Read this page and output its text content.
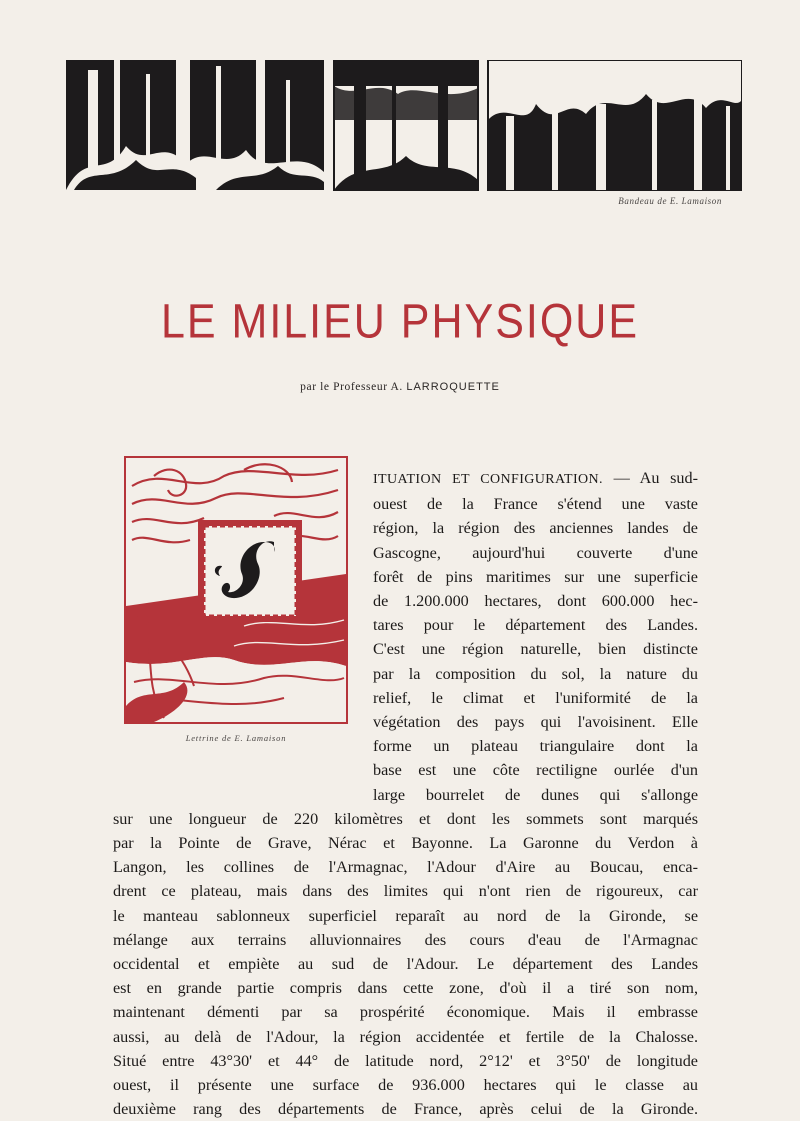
Bandeau de E. Lamaison
LE MILIEU PHYSIQUE
par le Professeur A. LARROQUETTE
Lettrine de E. Lamaison
ITUATION ET CONFIGURATION. — Au sud-
ouest de la France s'étend une vaste
région, la région des anciennes landes de
Gascogne, aujourd'hui couverte d'une
forêt de pins maritimes sur une superficie
de 1.200.000 hectares, dont 600.000 hec-
tares pour le département des Landes.
C'est une région naturelle, bien distincte
par la composition du sol, la nature du
relief, le climat et l'uniformité de la
végétation des pays qui l'avoisinent. Elle
forme un plateau triangulaire dont la
base est une côte rectiligne ourlée d'un
large bourrelet de dunes qui s'allonge
sur une longueur de 220 kilomètres et dont les sommets sont marqués
par la Pointe de Grave, Nérac et Bayonne. La Garonne du Verdon à
Langon, les collines de l'Armagnac, l'Adour d'Aire au Boucau, enca-
drent ce plateau, mais dans des limites qui n'ont rien de rigoureux, car
le manteau sablonneux superficiel reparaît au nord de la Gironde, se
mélange aux terrains alluvionnaires des cours d'eau de l'Armagnac
occidental et empiète au sud de l'Adour. Le département des Landes
est en grande partie compris dans cette zone, d'où il a tiré son nom,
maintenant démenti par sa prospérité économique. Mais il embrasse
aussi, au delà de l'Adour, la région accidentée et fertile de la Chalosse.
Situé entre 43°30' et 44° de latitude nord, 2°12' et 3°50' de longitude
ouest, il présente une surface de 936.000 hectares qui le classe au
deuxième rang des départements de France, après celui de la Gironde.
